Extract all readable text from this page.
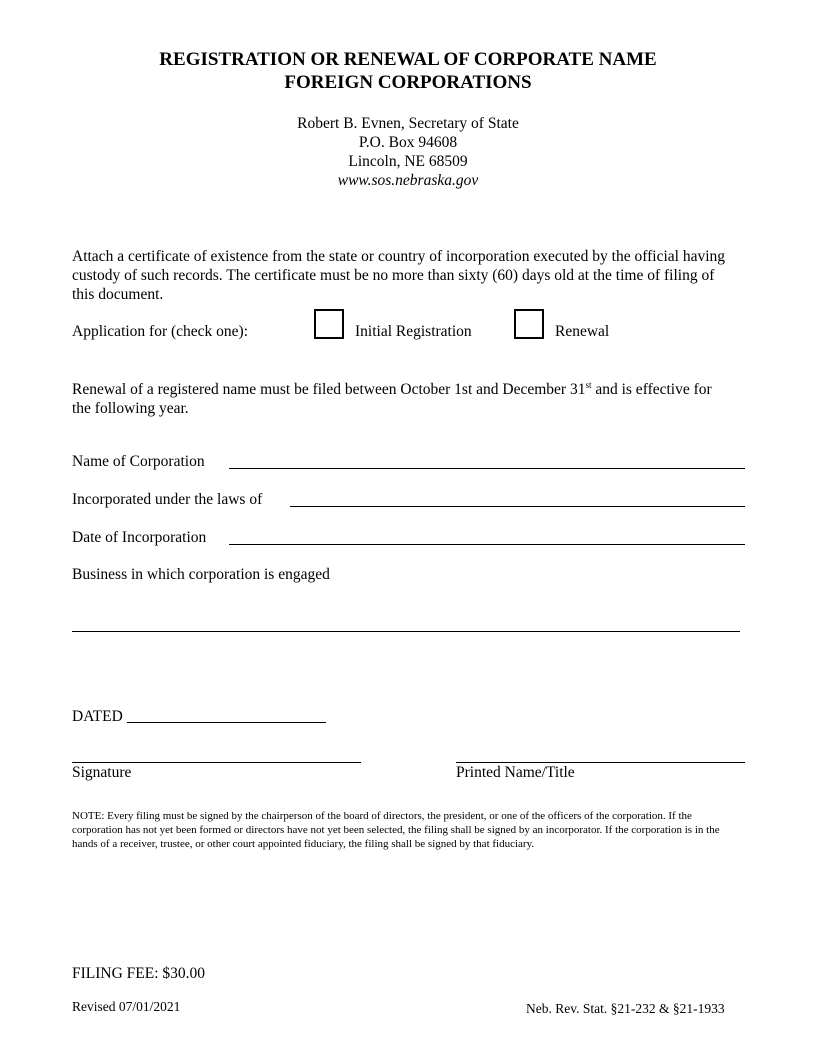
REGISTRATION OR RENEWAL OF CORPORATE NAME
FOREIGN CORPORATIONS
Robert B. Evnen, Secretary of State
P.O. Box 94608
Lincoln, NE 68509
www.sos.nebraska.gov
Attach a certificate of existence from the state or country of incorporation executed by the official having custody of such records. The certificate must be no more than sixty (60) days old at the time of filing of this document.
Application for (check one):	Initial Registration	Renewal
Renewal of a registered name must be filed between October 1st and December 31st and is effective for the following year.
Name of Corporation
Incorporated under the laws of
Date of Incorporation
Business in which corporation is engaged
DATED
Signature	Printed Name/Title
NOTE: Every filing must be signed by the chairperson of the board of directors, the president, or one of the officers of the corporation. If the corporation has not yet been formed or directors have not yet been selected, the filing shall be signed by an incorporator. If the corporation is in the hands of a receiver, trustee, or other court appointed fiduciary, the filing shall be signed by that fiduciary.
FILING FEE: $30.00
Revised 07/01/2021	Neb. Rev. Stat. §21-232 & §21-1933
